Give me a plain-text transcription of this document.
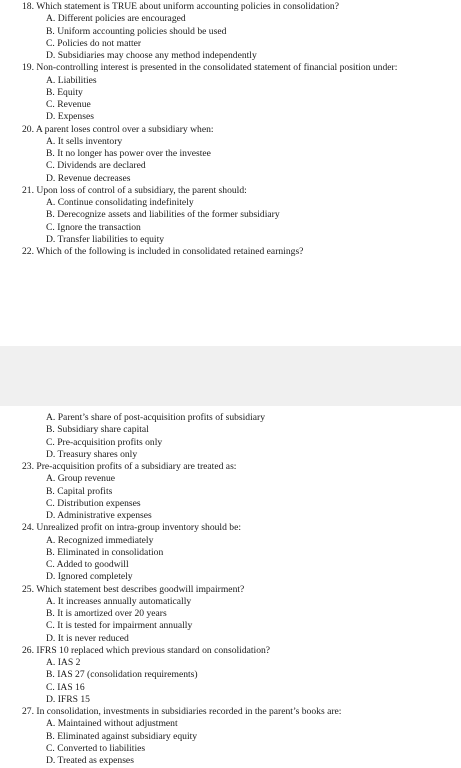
18. Which statement is TRUE about uniform accounting policies in consolidation?
A. Different policies are encouraged
B. Uniform accounting policies should be used
C. Policies do not matter
D. Subsidiaries may choose any method independently
19. Non-controlling interest is presented in the consolidated statement of financial position under:
A. Liabilities
B. Equity
C. Revenue
D. Expenses
20. A parent loses control over a subsidiary when:
A. It sells inventory
B. It no longer has power over the investee
C. Dividends are declared
D. Revenue decreases
21. Upon loss of control of a subsidiary, the parent should:
A. Continue consolidating indefinitely
B. Derecognize assets and liabilities of the former subsidiary
C. Ignore the transaction
D. Transfer liabilities to equity
22. Which of the following is included in consolidated retained earnings?
A. Parent’s share of post-acquisition profits of subsidiary
B. Subsidiary share capital
C. Pre-acquisition profits only
D. Treasury shares only
23. Pre-acquisition profits of a subsidiary are treated as:
A. Group revenue
B. Capital profits
C. Distribution expenses
D. Administrative expenses
24. Unrealized profit on intra-group inventory should be:
A. Recognized immediately
B. Eliminated in consolidation
C. Added to goodwill
D. Ignored completely
25. Which statement best describes goodwill impairment?
A. It increases annually automatically
B. It is amortized over 20 years
C. It is tested for impairment annually
D. It is never reduced
26. IFRS 10 replaced which previous standard on consolidation?
A. IAS 2
B. IAS 27 (consolidation requirements)
C. IAS 16
D. IFRS 15
27. In consolidation, investments in subsidiaries recorded in the parent’s books are:
A. Maintained without adjustment
B. Eliminated against subsidiary equity
C. Converted to liabilities
D. Treated as expenses
